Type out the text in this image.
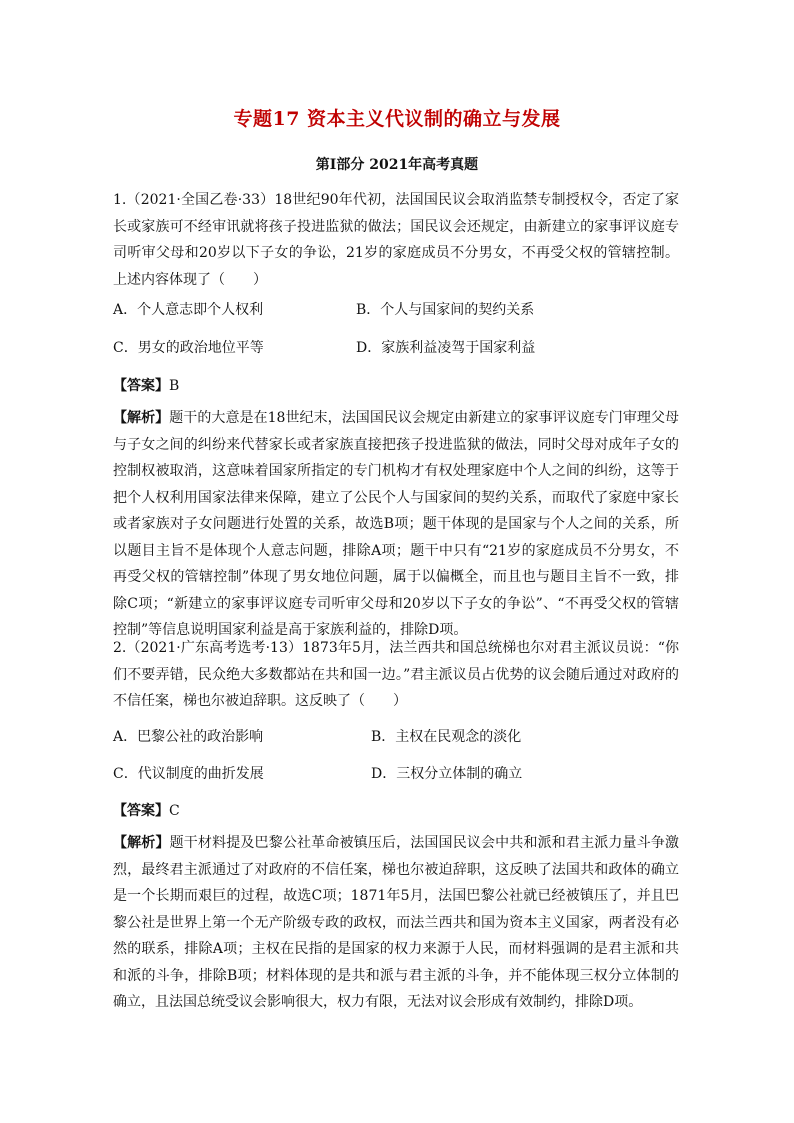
专题17 资本主义代议制的确立与发展
第Ⅰ部分 2021年高考真题
1.（2021·全国乙卷·33）18世纪90年代初，法国国民议会取消监禁专制授权令，否定了家长或家族可不经审讯就将孩子投进监狱的做法；国民议会还规定，由新建立的家事评议庭专司听审父母和20岁以下子女的争讼，21岁的家庭成员不分男女，不再受父权的管辖控制。上述内容体现了（　　）
A．个人意志即个人权利	B．个人与国家间的契约关系
C．男女的政治地位平等	D．家族利益凌驾于国家利益
【答案】B
【解析】题干的大意是在18世纪末，法国国民议会规定由新建立的家事评议庭专门审理父母与子女之间的纠纷来代替家长或者家族直接把孩子投进监狱的做法，同时父母对成年子女的控制权被取消，这意味着国家所指定的专门机构才有权处理家庭中个人之间的纠纷，这等于把个人权利用国家法律来保障，建立了公民个人与国家间的契约关系，而取代了家庭中家长或者家族对子女问题进行处置的关系，故选B项；题干体现的是国家与个人之间的关系，所以题目主旨不是体现个人意志问题，排除A项；题干中只有“21岁的家庭成员不分男女，不再受父权的管辖控制”体现了男女地位问题，属于以偏概全，而且也与题目主旨不一致，排除C项；“新建立的家事评议庭专司听审父母和20岁以下子女的争讼”、“不再受父权的管辖控制”等信息说明国家利益是高于家族利益的，排除D项。
2.（2021·广东高考选考·13）1873年5月，法兰西共和国总统梯也尔对君主派议员说：“你们不要弄错，民众绝大多数都站在共和国一边。”君主派议员占优势的议会随后通过对政府的不信任案，梯也尔被迫辞职。这反映了（　　）
A．巴黎公社的政治影响	B．主权在民观念的淡化
C．代议制度的曲折发展	D．三权分立体制的确立
【答案】C
【解析】题干材料提及巴黎公社革命被镇压后，法国国民议会中共和派和君主派力量斗争激烈，最终君主派通过了对政府的不信任案，梯也尔被迫辞职，这反映了法国共和政体的确立是一个长期而艰巨的过程，故选C项；1871年5月，法国巴黎公社就已经被镇压了，并且巴黎公社是世界上第一个无产阶级专政的政权，而法兰西共和国为资本主义国家，两者没有必然的联系，排除A项；主权在民指的是国家的权力来源于人民，而材料强调的是君主派和共和派的斗争，排除B项；材料体现的是共和派与君主派的斗争，并不能体现三权分立体制的确立，且法国总统受议会影响很大，权力有限，无法对议会形成有效制约，排除D项。
